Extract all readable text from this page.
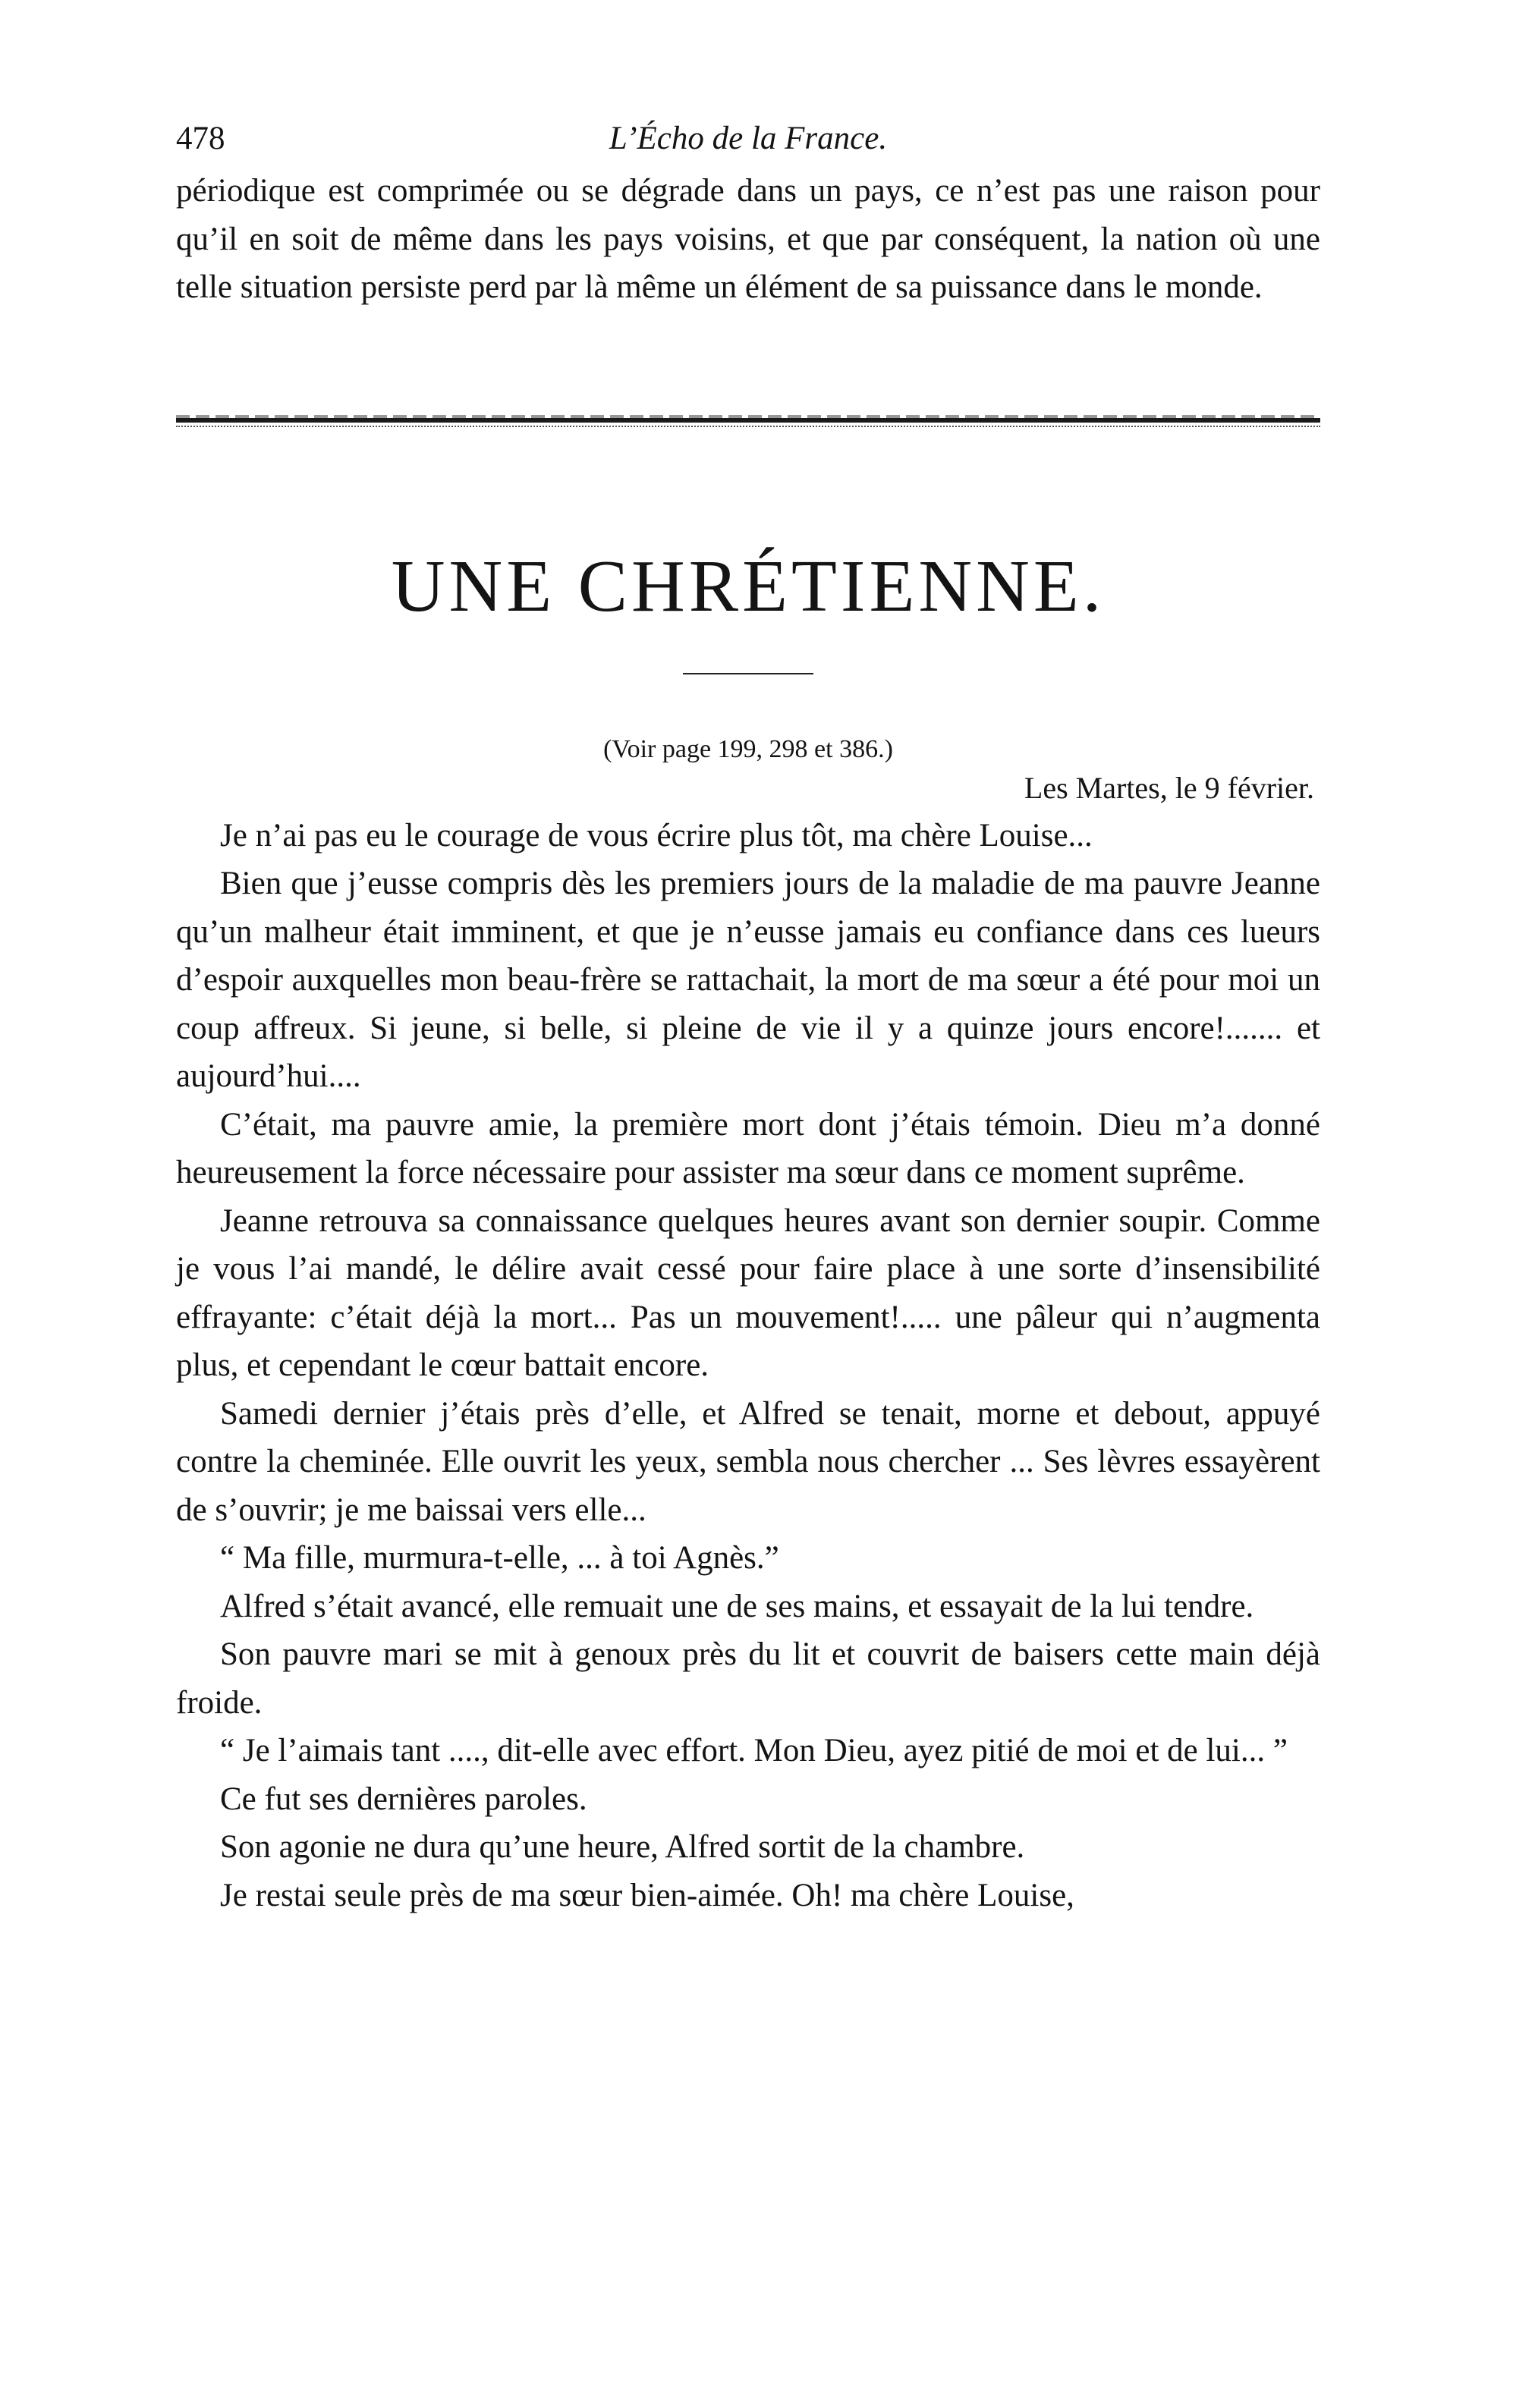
478	L’Écho de la France.

périodique est comprimée ou se dégrade dans un pays, ce n’est pas une raison pour qu’il en soit de même dans les pays voisins, et que par conséquent, la nation où une telle situation persiste perd par là même un élément de sa puissance dans le monde.

UNE CHRÉTIENNE.

(Voir page 199, 298 et 386.)

Les Martes, le 9 février.

Je n’ai pas eu le courage de vous écrire plus tôt, ma chère Louise...

Bien que j’eusse compris dès les premiers jours de la maladie de ma pauvre Jeanne qu’un malheur était imminent, et que je n’eusse jamais eu confiance dans ces lueurs d’espoir auxquelles mon beau-frère se rattachait, la mort de ma sœur a été pour moi un coup affreux. Si jeune, si belle, si pleine de vie il y a quinze jours encore!....... et aujourd’hui....

C’était, ma pauvre amie, la première mort dont j’étais témoin. Dieu m’a donné heureusement la force nécessaire pour assister ma sœur dans ce moment suprême.

Jeanne retrouva sa connaissance quelques heures avant son dernier soupir. Comme je vous l’ai mandé, le délire avait cessé pour faire place à une sorte d’insensibilité effrayante: c’était déjà la mort... Pas un mouvement!..... une pâleur qui n’augmenta plus, et cependant le cœur battait encore.

Samedi dernier j’étais près d’elle, et Alfred se tenait, morne et debout, appuyé contre la cheminée. Elle ouvrit les yeux, sembla nous chercher ... Ses lèvres essayèrent de s’ouvrir; je me baissai vers elle...

“ Ma fille, murmura-t-elle, ... à toi Agnès.”

Alfred s’était avancé, elle remuait une de ses mains, et essayait de la lui tendre.

Son pauvre mari se mit à genoux près du lit et couvrit de baisers cette main déjà froide.

“ Je l’aimais tant ...., dit-elle avec effort. Mon Dieu, ayez pitié de moi et de lui... ”

Ce fut ses dernières paroles.

Son agonie ne dura qu’une heure, Alfred sortit de la chambre.

Je restai seule près de ma sœur bien-aimée. Oh! ma chère Louise,
